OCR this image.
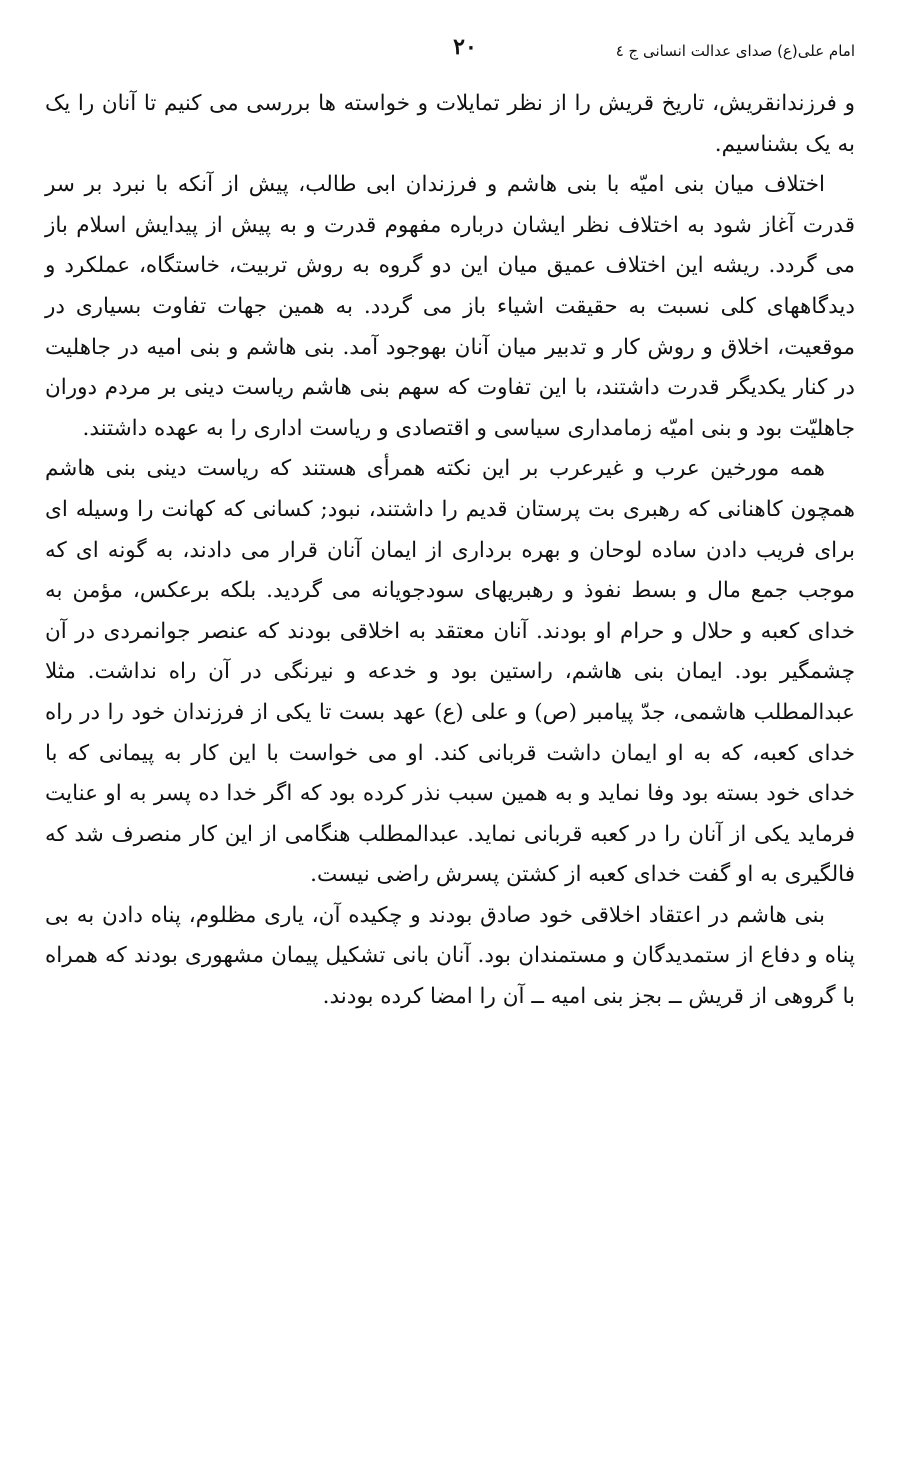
امام علی(ع) صدای عدالت انسانی ج ٤
۲۰

و فرزندانقریش، تاریخ قریش را از نظر تمایلات و خواسته ها بررسی می کنیم تا آنان را یک به یک بشناسیم.

اختلاف میان بنی امیّه با بنی هاشم و فرزندان ابی طالب، پیش از آنکه با نبرد بر سر قدرت آغاز شود به اختلاف نظر ایشان درباره مفهوم قدرت و به پیش از پیدایش اسلام باز می گردد. ریشه این اختلاف عمیق میان این دو گروه به روش تربیت، خاستگاه، عملکرد و دیدگاههای کلی نسبت به حقیقت اشیاء باز می گردد. به همین جهات تفاوت بسیاری در موقعیت، اخلاق و روش کار و تدبیر میان آنان بهوجود آمد. بنی هاشم و بنی امیه در جاهلیت در کنار یکدیگر قدرت داشتند، با این تفاوت که سهم بنی هاشم ریاست دینی بر مردم دوران جاهلیّت بود و بنی امیّه زمامداری سیاسی و اقتصادی و ریاست اداری را به عهده داشتند.

همه مورخین عرب و غیرعرب بر این نکته همرأی هستند که ریاست دینی بنی هاشم همچون کاهنانی که رهبری بت پرستان قدیم را داشتند، نبود; کسانی که کهانت را وسیله ای برای فریب دادن ساده لوحان و بهره برداری از ایمان آنان قرار می دادند، به گونه ای که موجب جمع مال و بسط نفوذ و رهبریهای سودجویانه می گردید. بلکه برعکس، مؤمن به خدای کعبه و حلال و حرام او بودند. آنان معتقد به اخلاقی بودند که عنصر جوانمردی در آن چشمگیر بود. ایمان بنی هاشم، راستین بود و خدعه و نیرنگی در آن راه نداشت. مثلا عبدالمطلب هاشمی، جدّ پیامبر (ص) و علی (ع) عهد بست تا یکی از فرزندان خود را در راه خدای کعبه، که به او ایمان داشت قربانی کند. او می خواست با این کار به پیمانی که با خدای خود بسته بود وفا نماید و به همین سبب نذر کرده بود که اگر خدا ده پسر به او عنایت فرماید یکی از آنان را در کعبه قربانی نماید. عبدالمطلب هنگامی از این کار منصرف شد که فالگیری به او گفت خدای کعبه از کشتن پسرش راضی نیست.

بنی هاشم در اعتقاد اخلاقی خود صادق بودند و چکیده آن، یاری مظلوم، پناه دادن به بی پناه و دفاع از ستمدیدگان و مستمندان بود. آنان بانی تشکیل پیمان مشهوری بودند که همراه با گروهی از قریش ــ بجز بنی امیه ــ آن را امضا کرده بودند.
